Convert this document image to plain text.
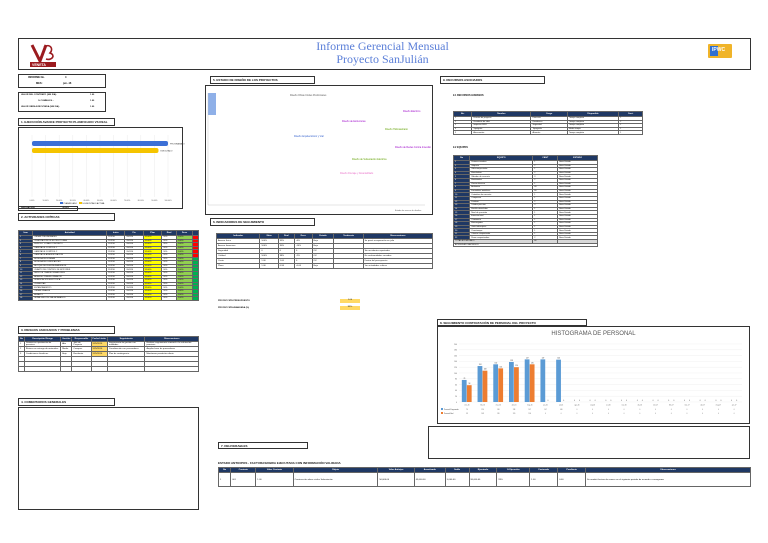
VENETA
Informe Gerencial Mensual
Proyecto SanJulián
IPWC
INFORME No.	4
MES:	jun.-16
VALOR DEL CONTRATO (SIN IVA):	1.00
% CUMBLE N.:	1.00
VALOR OBRA EJECUTADA (SIN IVA):	1.00
1. EJECUCIÓN AVANCE PROYECTO PLANIFICADO VS REAL
0.00%	10.00%	20.00%	30.00%	40.00%	50.00%	60.00%	70.00%	80.00%	90.00%	100.00%
PROGRAMADO
EJECUTADO
PLANIFICADO	% EJECUTADO ACTUAL
DESVIACIÓN	-6.00%
2. ACTIVIDADES CRÍTICAS
Item	Actividad	Inicio	Fin	Plan	Real	Desv	
1	OBRAS PRELIMINARES	15/3/16	20/4/16	91.00%	90%	1.00%	
2	CIMENTACIÓN DE ESTRUCTURAS	15/3/16	20/4/16	91.00%	90%	1.00%	
3	MUROS Y LOSAS CONCRETO	15/3/16	20/4/16	91.00%	90%	1.00%	
4	CASETA DE CONTROL 1	15/3/16	20/4/16	91.00%	90%	1.00%	
5	CASETA DE CONTROL 2	15/3/16	20/4/16	91.00%	90%	1.00%	
6	CASETA DE ADMINISTRACIÓN	15/3/16	20/4/16	91.00%	90%	1.00%	
7	BODEGA DE BOMBAS	15/3/16	20/4/16	91.00%	90%	1.00%	
8	BODEGA DE LUBRICANTES	15/3/16	20/4/16	91.00%	90%	1.00%	
9	BLOQUE DE FUERZA INMERSIÓN	15/3/16	20/4/16	91.00%	90%	1.00%	
10	CUARTO DE CONTROL DE MOTORES	15/3/16	20/4/16	91.00%	90%	1.00%	
11	PATIO DE TRANSFORMADORES	15/3/16	20/4/16	91.00%	90%	1.00%	
12	ÁREA DE TRANSFORMADOR	15/3/16	20/4/16	91.00%	90%	1.00%	
13	SUBESTACIÓN ELÉCTRICA	15/3/16	20/4/16	91.00%	90%	1.00%	
14	CUBIERTAS	15/3/16	20/4/16	91.00%	90%	1.00%	
15	ESTANCAMIENTO	15/3/16	20/4/16	91.00%	90%	1.00%	
16	OBRAS FINALES	15/3/16	20/4/16	91.00%	90%	1.00%	
17	ASFALTO	15/3/16	20/4/16	91.00%	90%	1.00%	
18	SEÑALIZACIÓN VIAL/ACABADOS	15/3/16	20/4/16	91.00%	90%	1.00%	
3. RIESGOS ASOCIADOS Y PROBLEMAS
No	Descripción Riesgo	Gestión	Responsable	Fecha Límite	Seguimiento	Observaciones
1	Demora en aprobación de permisos	Alta	Jefe de Proyecto	31/5/2016	Seguimiento de gestión con entidades	Realizar seguimiento semanal a la solicitud de permisos
2	Retraso en entrega de materiales	Media	Compras	31/5/2016	Coordinación con proveedores	Ampliar base de proveedores
3	Condiciones climáticas	Baja	Residente	31/5/2016	Plan de contingencia	Monitorear pronóstico diario

4. COMENTARIOS GENERALES
5. ESTADO DE DISEÑO DE LOS PROYECTOS
Diseño Obras Civiles Preliminares
Diseño Eléctrico
Diseño de Estructuras
Diseño Hidrosanitario
Diseño Arquitectónico y Vial
Diseño de Redes Contra Incendio
Diseño de Subestación Eléctrica
Diseño Drenaje y Alcantarillado
Estado de avance de diseños
6. INDICADORES DE SEGUIMIENTO
Indicador	Meta	Real	Desv	Estado	Tendencia	Observaciones
Avance físico	100%	93%	-6%	Bajo		Se prevé recuperación en julio
Avance financiero	100%	90%	-10%	Bajo		
Seguridad	0	0	0	OK		Sin accidentes reportados
Calidad	100%	98%	-2%	OK		No conformidades cerradas
Costo	1.00	1.00	0	OK		Dentro del presupuesto
Plazo	1.00	0.94	-0.06	Bajo		Ver actividades críticas
PROYECCIÓN PRESUPUESTO	1.00
PROYECCIÓN AVANZADA (%)	93%
7. DELIVERABLES
ESTADO ANTICIPOS - FACTURAS/OBRA EJECUTADA CON INFORMACIÓN VALIDADA
No	Contrato	Valor Contrato	Objeto	Valor Anticipo	Amortizado	Saldo	Ejecutado	% Ejecución	Facturado	Pendiente	Observaciones
1	001	1.00	Construcción obras civiles Subestación	50,000.00	45,000.00	5,000.00	90,000.00	93%	1.00	0.00	Se remitirá factura de avance en el siguiente periodo de acuerdo a cronograma
9. RECURSOS ASOCIADOS
9.1 RECURSOS HUMANOS
No.	Nombre	Cargo	Disponible	Cant.
1	Director de proyecto	Dirección	Tiempo completo	1
2	Residente de obra	Residencia	Tiempo completo	2
3	Inspector SISO	Seguridad	Tiempo completo	1
4	Topógrafo	Topografía	Medio tiempo	1
5	Almacenista	Almacén	Tiempo completo	1
9.2 EQUIPOS
No	EQUIPO	CANT	ESTADO
1	Retroexcavadora	1	Buen Estado
2	Volqueta	2	Buen Estado
3	Vibrocompactador	1	Buen Estado
4	Mezcladora	2	Buen Estado
5	Vibrador de concreto	3	Buen Estado
6	Motobomba	2	Buen Estado
7	Planta eléctrica	1	Buen Estado
8	Andamios	40	Buen Estado
9	Formaletas metálicas	80	Buen Estado
10	Cortadora de concreto	1	Buen Estado
11	Compresor	1	Buen Estado
12	Pulidora	2	Buen Estado
13	Taladro percutor	3	Buen Estado
14	Martillo demoledor	1	Buen Estado
15	Nivel de precisión	1	Buen Estado
16	Estación total	1	Buen Estado
17	Camioneta	1	Buen Estado
18	Minicargador	1	Buen Estado
19	Grúa telescópica	1	Buen Estado
20	Carrotanque	1	Buen Estado
21	Cilindro compactador	1	Buen Estado
22	Rana compactadora	2	Buen Estado
TOTAL ACUMULADO		66	
ACUMULADO ANTERIOR			
8. SEGUIMIENTO CONTRATACIÓN DE PERSONAL DEL PROYECTO
HISTOGRAMA DE PERSONAL
0
20
40
60
80
100
120
140
160
180
200
ene-16
76
58
feb-16
124
108
mar-16
130
116
abr-16
138
120
may-16
147
130
jun-16
147
0
jul-16
146
0
ago-16
0
0
sep-16
0
0
oct-16
0
0
nov-16
0
0
dic-16
0
0
ene-17
0
0
feb-17
0
0
mar-17
0
0
abr-17
0
0
may-17
0
0
jun-17
0
0
Personal Programado
Personal Real
76
58
124
108
130
116
138
120
147
130
147
0
146
0	0	0	0	0	0	0	0	0	0	0	0	0	0	0	0	0	0	0	0	0	0	0
